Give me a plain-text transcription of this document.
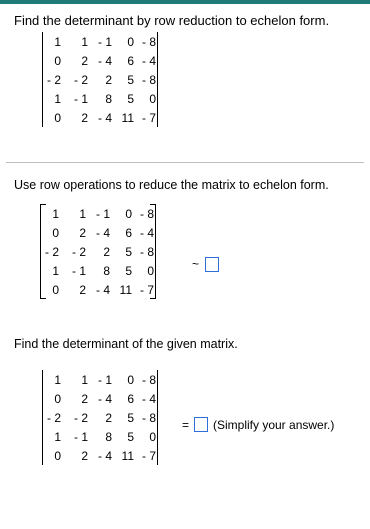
Find the determinant by row reduction to echelon form.
1	1	- 1	0	- 8
0	2	- 4	6	- 4
- 2	- 2	2	5	- 8
1	- 1	8	5	0
0	2	- 4	11	- 7
Use row operations to reduce the matrix to echelon form.
1	1	- 1	0	- 8
0	2	- 4	6	- 4
- 2	- 2	2	5	- 8
1	- 1	8	5	0
0	2	- 4	11	- 7
~
Find the determinant of the given matrix.
1	1	- 1	0	- 8
0	2	- 4	6	- 4
- 2	- 2	2	5	- 8
1	- 1	8	5	0
0	2	- 4	11	- 7
= (Simplify your answer.)
